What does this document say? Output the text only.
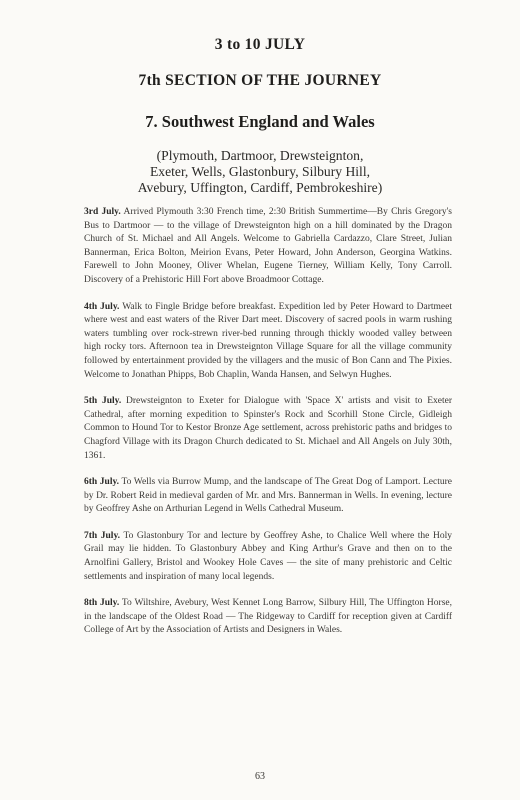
3 to 10 JULY
7th SECTION OF THE JOURNEY
7. Southwest England and Wales
(Plymouth, Dartmoor, Drewsteignton,
Exeter, Wells, Glastonbury, Silbury Hill,
Avebury, Uffington, Cardiff, Pembrokeshire)

3rd July. Arrived Plymouth 3:30 French time, 2:30 British Summertime—By Chris Gregory's Bus to Dartmoor — to the village of Drewsteignton high on a hill dominated by the Dragon Church of St. Michael and All Angels. Welcome to Gabriella Cardazzo, Clare Street, Julian Bannerman, Erica Bolton, Meirion Evans, Peter Howard, John Anderson, Georgina Watkins. Farewell to John Mooney, Oliver Whelan, Eugene Tierney, William Kelly, Tony Carroll. Discovery of a Prehistoric Hill Fort above Broadmoor Cottage.

4th July. Walk to Fingle Bridge before breakfast. Expedition led by Peter Howard to Dartmeet where west and east waters of the River Dart meet. Discovery of sacred pools in warm rushing waters tumbling over rock-strewn river-bed running through thickly wooded valley between high rocky tors. Afternoon tea in Drewsteignton Village Square for all the village community followed by entertainment provided by the villagers and the music of Bon Cann and The Pixies. Welcome to Jonathan Phipps, Bob Chaplin, Wanda Hansen, and Selwyn Hughes.

5th July. Drewsteignton to Exeter for Dialogue with 'Space X' artists and visit to Exeter Cathedral, after morning expedition to Spinster's Rock and Scorhill Stone Circle, Gidleigh Common to Hound Tor to Kestor Bronze Age settlement, across prehistoric paths and bridges to Chagford Village with its Dragon Church dedicated to St. Michael and All Angels on July 30th, 1361.

6th July. To Wells via Burrow Mump, and the landscape of The Great Dog of Lamport. Lecture by Dr. Robert Reid in medieval garden of Mr. and Mrs. Bannerman in Wells. In evening, lecture by Geoffrey Ashe on Arthurian Legend in Wells Cathedral Museum.

7th July. To Glastonbury Tor and lecture by Geoffrey Ashe, to Chalice Well where the Holy Grail may lie hidden. To Glastonbury Abbey and King Arthur's Grave and then on to the Arnolfini Gallery, Bristol and Wookey Hole Caves — the site of many prehistoric and Celtic settlements and inspiration of many local legends.

8th July. To Wiltshire, Avebury, West Kennet Long Barrow, Silbury Hill, The Uffington Horse, in the landscape of the Oldest Road — The Ridgeway to Cardiff for reception given at Cardiff College of Art by the Association of Artists and Designers in Wales.

63
